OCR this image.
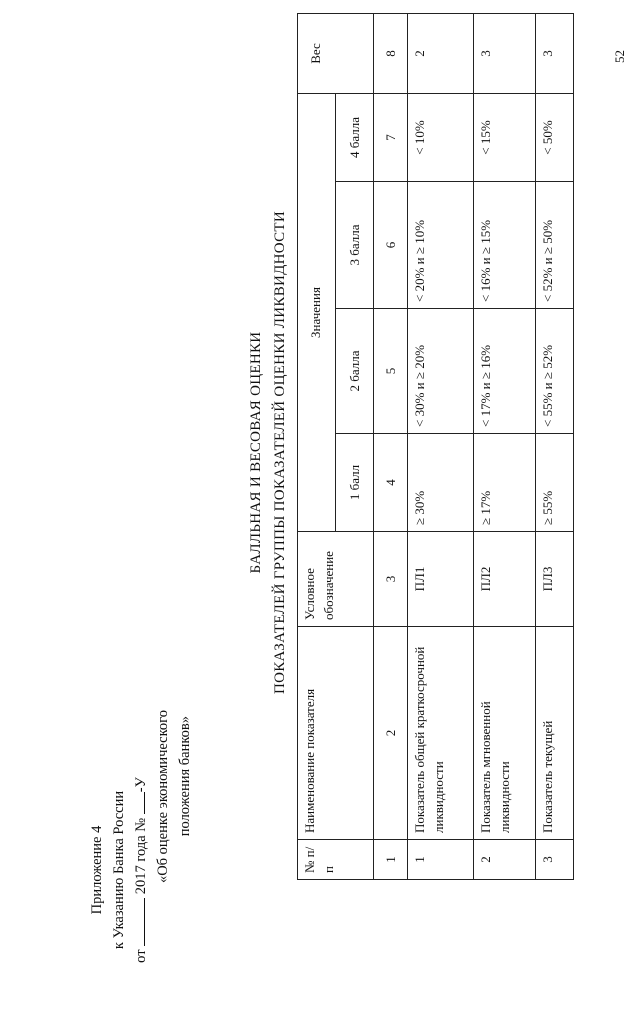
Приложение 4 к Указанию Банка России
от  2017 года № -У «Об оценке экономического положения банков»
БАЛЛЬНАЯ И ВЕСОВАЯ ОЦЕНКИ ПОКАЗАТЕЛЕЙ ГРУППЫ ПОКАЗАТЕЛЕЙ ОЦЕНКИ ЛИКВИДНОСТИ
№ п/п	Наименование показателя	Условное обозначение	Значения				Вес
			1 балл	2 балла	3 балла	4 балла	
1	2	3	4	5	6	7	8
1	Показатель общей краткосрочной ликвидности	ПЛ1	≥ 30%	< 30% и ≥ 20%	< 20% и ≥ 10%	< 10%	2
2	Показатель мгновенной ликвидности	ПЛ2	≥ 17%	< 17% и ≥ 16%	< 16% и ≥ 15%	< 15%	3
3	Показатель текущей	ПЛ3	≥ 55%	< 55% и ≥ 52%	< 52% и ≥ 50%	< 50%	3	52
